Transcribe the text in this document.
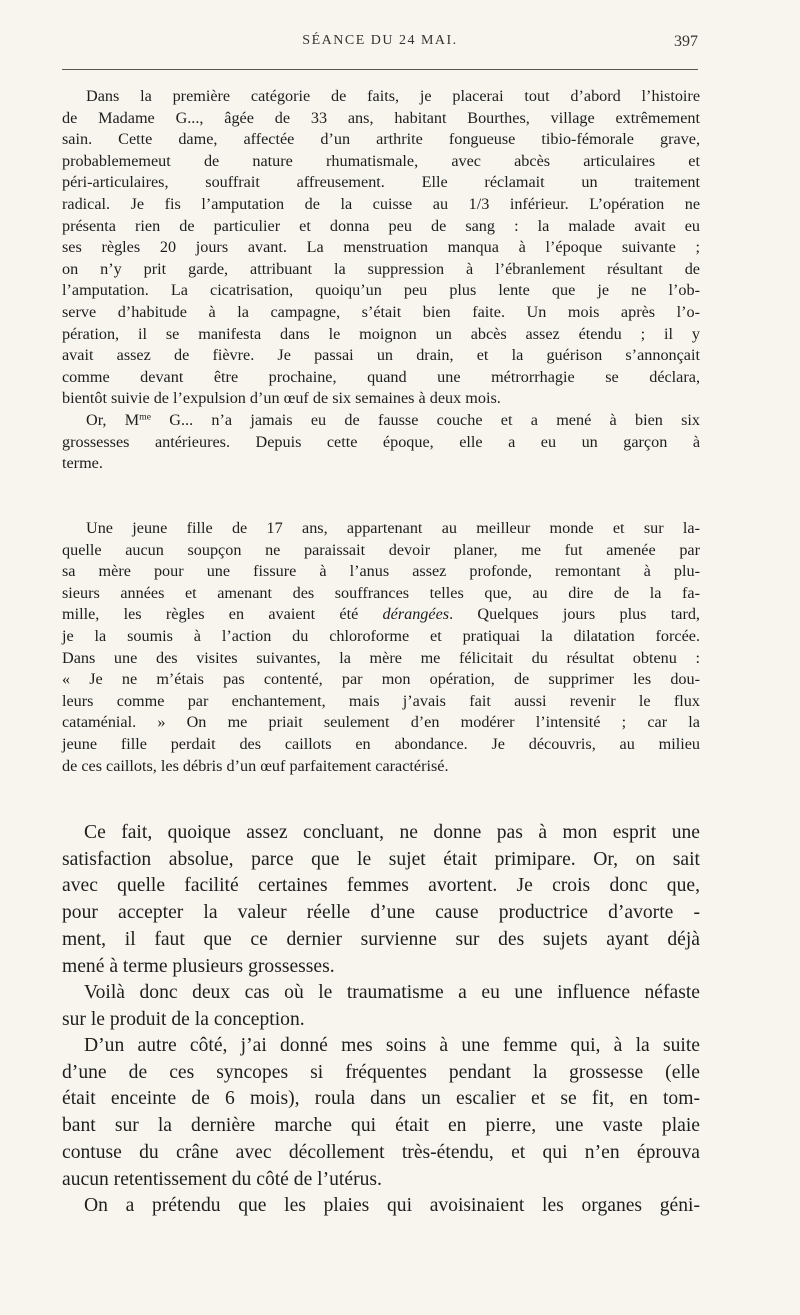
SÉANCE DU 24 MAI.	397
Dans la première catégorie de faits, je placerai tout d’abord l’histoire
de Madame G..., âgée de 33 ans, habitant Bourthes, village extrêmement
sain. Cette dame, affectée d’un arthrite fongueuse tibio-fémorale grave,
probablememeut de nature rhumatismale, avec abcès articulaires et
péri-articulaires, souffrait affreusement. Elle réclamait un traitement
radical. Je fis l’amputation de la cuisse au 1/3 inférieur. L’opération ne
présenta rien de particulier et donna peu de sang : la malade avait eu
ses règles 20 jours avant. La menstruation manqua à l’époque suivante ;
on n’y prit garde, attribuant la suppression à l’ébranlement résultant de
l’amputation. La cicatrisation, quoiqu’un peu plus lente que je ne l’ob-
serve d’habitude à la campagne, s’était bien faite. Un mois après l’o-
pération, il se manifesta dans le moignon un abcès assez étendu ; il y
avait assez de fièvre. Je passai un drain, et la guérison s’annonçait
comme devant être prochaine, quand une métrorrhagie se déclara,
bientôt suivie de l’expulsion d’un œuf de six semaines à deux mois.
Or, $M^{me}$ G... n’a jamais eu de fausse couche et a mené à bien six
grossesses antérieures. Depuis cette époque, elle a eu un garçon à
terme.
Une jeune fille de 17 ans, appartenant au meilleur monde et sur la-
quelle aucun soupçon ne paraissait devoir planer, me fut amenée par
sa mère pour une fissure à l’anus assez profonde, remontant à plu-
sieurs années et amenant des souffrances telles que, au dire de la fa-
mille, les règles en avaient été dérangées. Quelques jours plus tard,
je la soumis à l’action du chloroforme et pratiquai la dilatation forcée.
Dans une des visites suivantes, la mère me félicitait du résultat obtenu :
« Je ne m’étais pas contenté, par mon opération, de supprimer les dou-
leurs comme par enchantement, mais j’avais fait aussi revenir le flux
cataménial. » On me priait seulement d’en modérer l’intensité ; car la
jeune fille perdait des caillots en abondance. Je découvris, au milieu
de ces caillots, les débris d’un œuf parfaitement caractérisé.
Ce fait, quoique assez concluant, ne donne pas à mon esprit une
satisfaction absolue, parce que le sujet était primipare. Or, on sait
avec quelle facilité certaines femmes avortent. Je crois donc que,
pour accepter la valeur réelle d’une cause productrice d’avorte -
ment, il faut que ce dernier survienne sur des sujets ayant déjà
mené à terme plusieurs grossesses.
Voilà donc deux cas où le traumatisme a eu une influence néfaste
sur le produit de la conception.
D’un autre côté, j’ai donné mes soins à une femme qui, à la suite
d’une de ces syncopes si fréquentes pendant la grossesse (elle
était enceinte de 6 mois), roula dans un escalier et se fit, en tom-
bant sur la dernière marche qui était en pierre, une vaste plaie
contuse du crâne avec décollement très-étendu, et qui n’en éprouva
aucun retentissement du côté de l’utérus.
On a prétendu que les plaies qui avoisinaient les organes géni-
